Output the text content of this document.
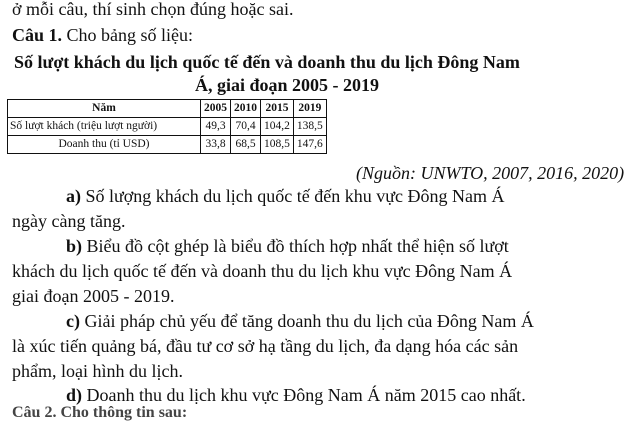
ở mỗi câu, thí sinh chọn đúng hoặc sai.
Câu 1. Cho bảng số liệu:
Số lượt khách du lịch quốc tế đến và doanh thu du lịch Đông Nam
Á, giai đoạn 2005 - 2019
Năm	2005	2010	2015	2019
Số lượt khách (triệu lượt người)	49,3	70,4	104,2	138,5
Doanh thu (tỉ USD)	33,8	68,5	108,5	147,6
(Nguồn: UNWTO, 2007, 2016, 2020)
a) Số lượng khách du lịch quốc tế đến khu vực Đông Nam Á
ngày càng tăng.
b) Biểu đồ cột ghép là biểu đồ thích hợp nhất thể hiện số lượt
khách du lịch quốc tế đến và doanh thu du lịch khu vực Đông Nam Á
giai đoạn 2005 - 2019.
c) Giải pháp chủ yếu để tăng doanh thu du lịch của Đông Nam Á
là xúc tiến quảng bá, đầu tư cơ sở hạ tầng du lịch, đa dạng hóa các sản
phẩm, loại hình du lịch.
d) Doanh thu du lịch khu vực Đông Nam Á năm 2015 cao nhất.
Câu 2. Cho thông tin sau:
